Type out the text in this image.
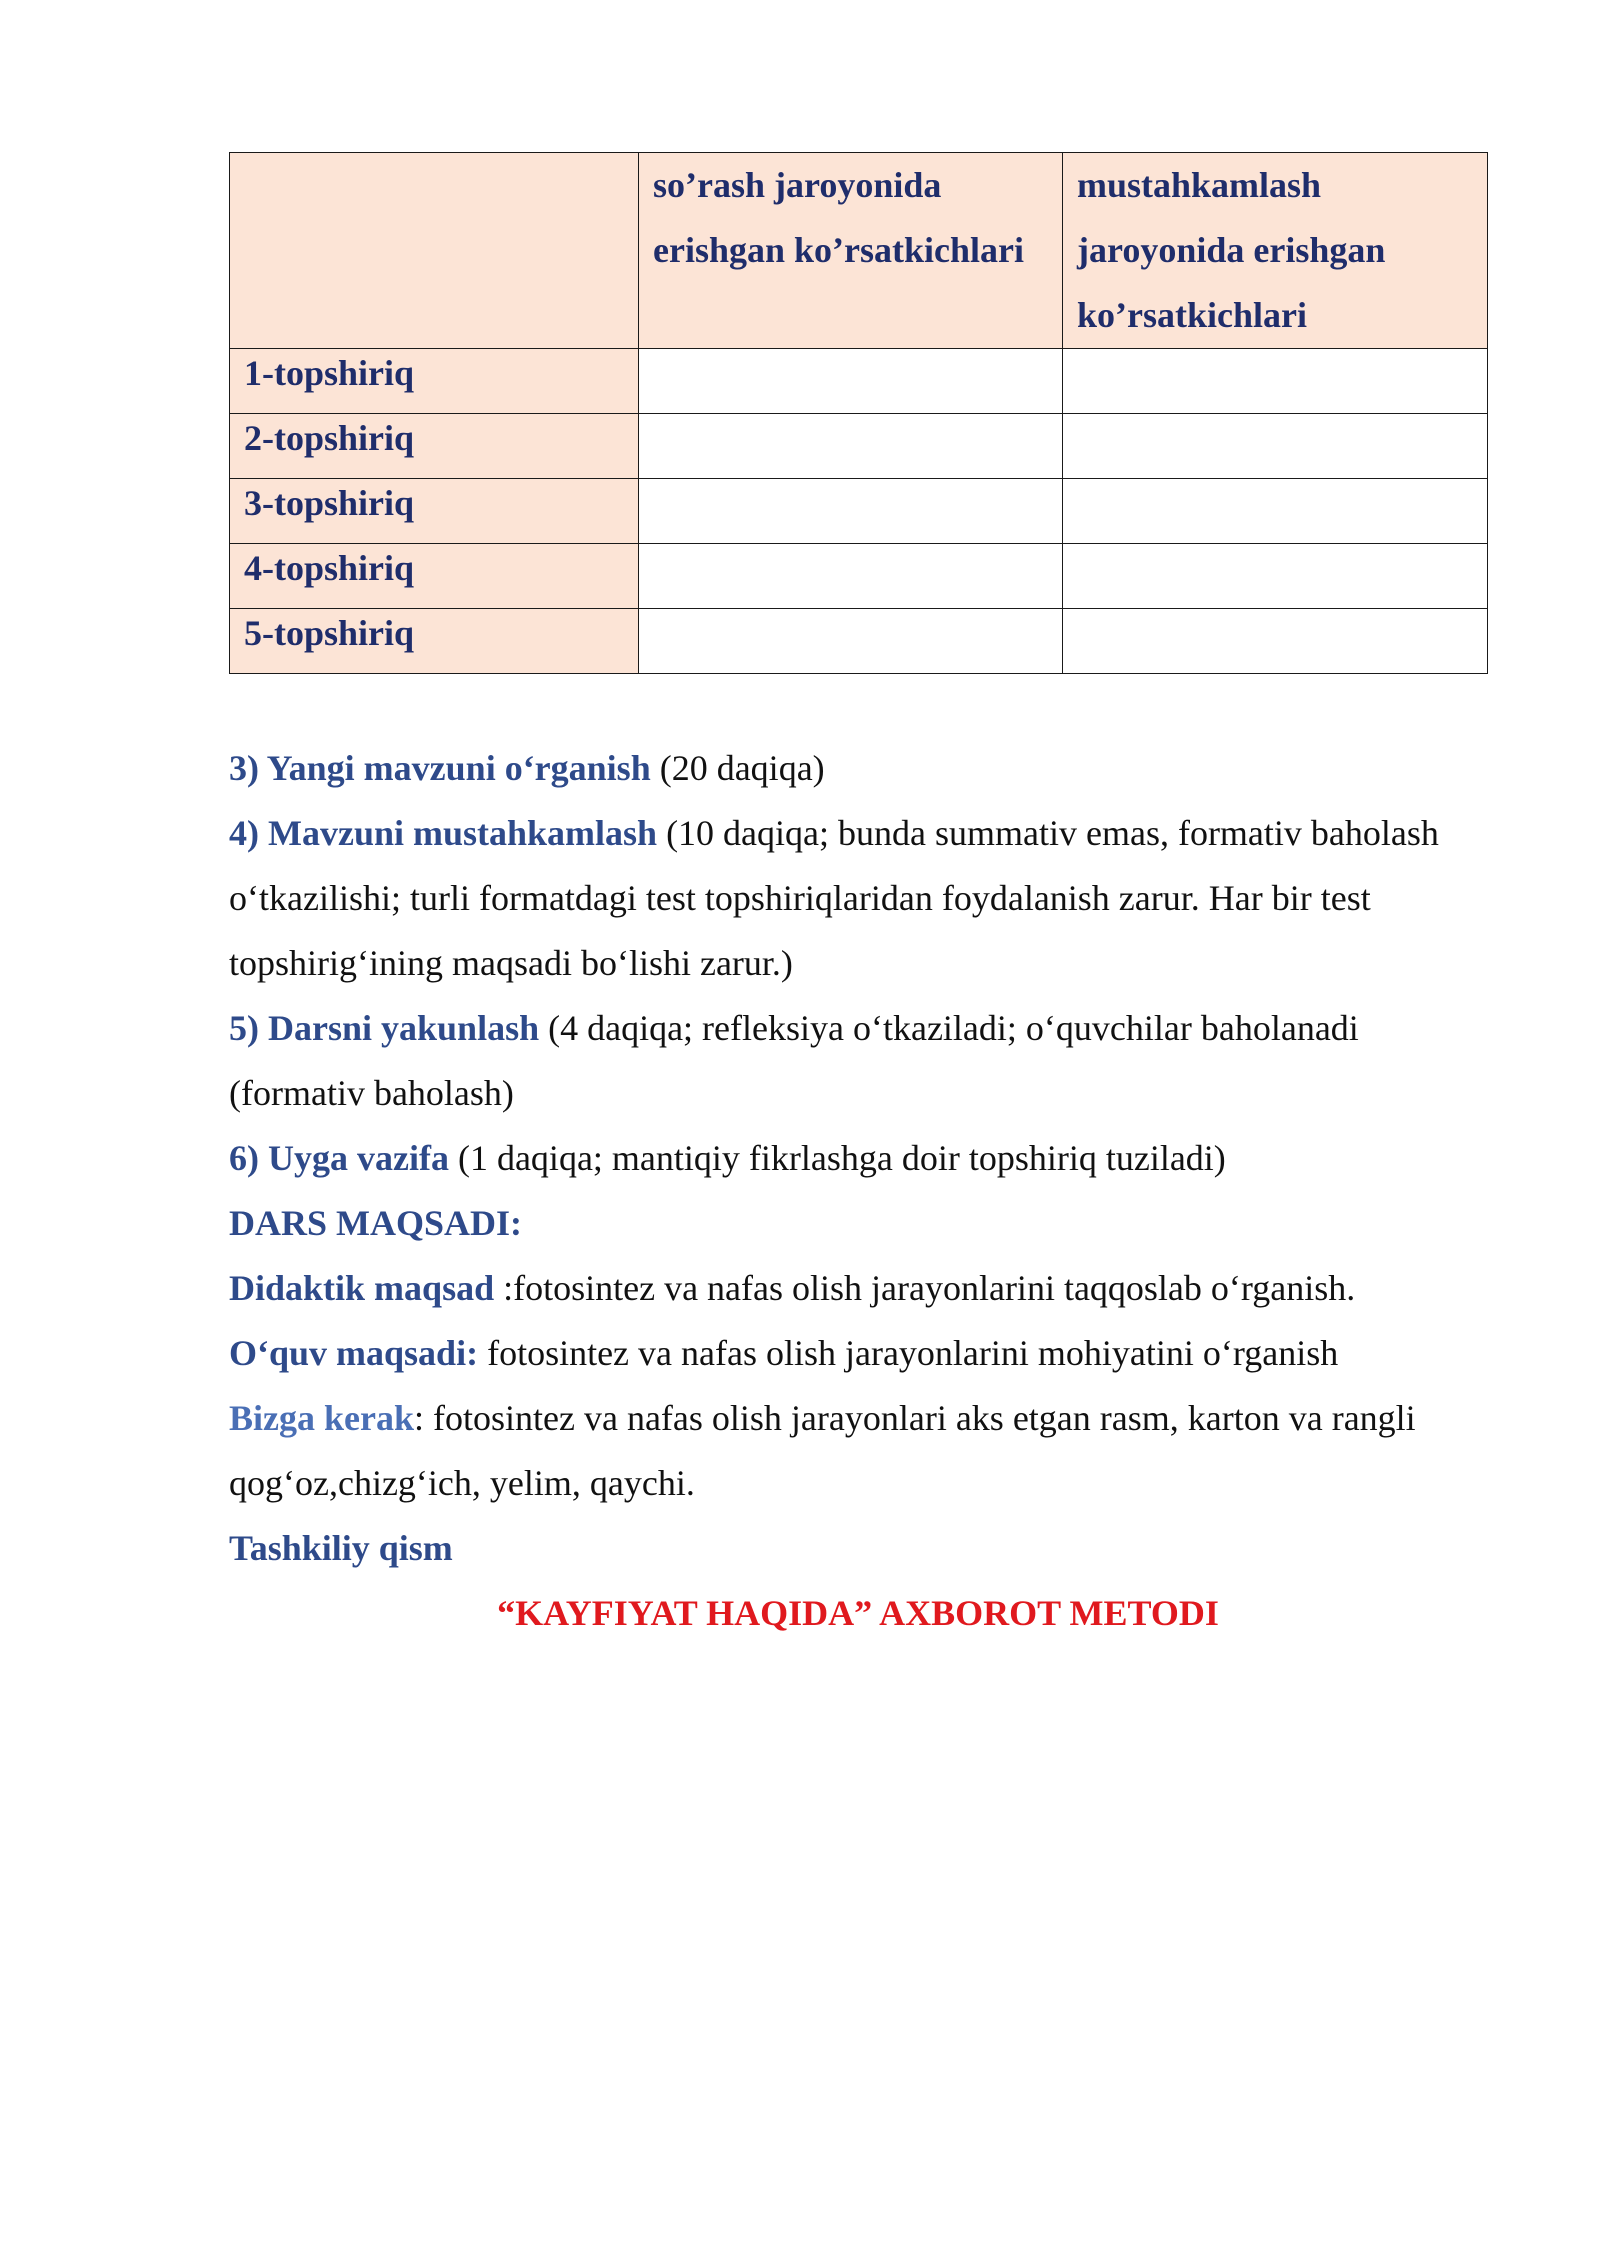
	so’rash jaroyonida erishgan ko’rsatkichlari	mustahkamlash jaroyonida erishgan ko’rsatkichlari
1-topshiriq		
2-topshiriq		
3-topshiriq		
4-topshiriq		
5-topshiriq		

3) Yangi mavzuni o‘rganish (20 daqiqa)

4) Mavzuni mustahkamlash (10 daqiqa; bunda summativ emas, formativ baholash o‘tkazilishi; turli formatdagi test topshiriqlaridan foydalanish zarur. Har bir test topshirig‘ining maqsadi bo‘lishi zarur.)

5) Darsni yakunlash (4 daqiqa; refleksiya o‘tkaziladi; o‘quvchilar baholanadi (formativ baholash)

6) Uyga vazifa (1 daqiqa; mantiqiy fikrlashga doir topshiriq tuziladi)

DARS MAQSADI:

Didaktik maqsad :fotosintez va nafas olish jarayonlarini taqqoslab o‘rganish.

O‘quv maqsadi: fotosintez va nafas olish jarayonlarini mohiyatini o‘rganish

Bizga kerak: fotosintez va nafas olish jarayonlari aks etgan rasm, karton va rangli qog‘oz,chizg‘ich, yelim, qaychi.

Tashkiliy qism

“KAYFIYAT HAQIDA” AXBOROT METODI
